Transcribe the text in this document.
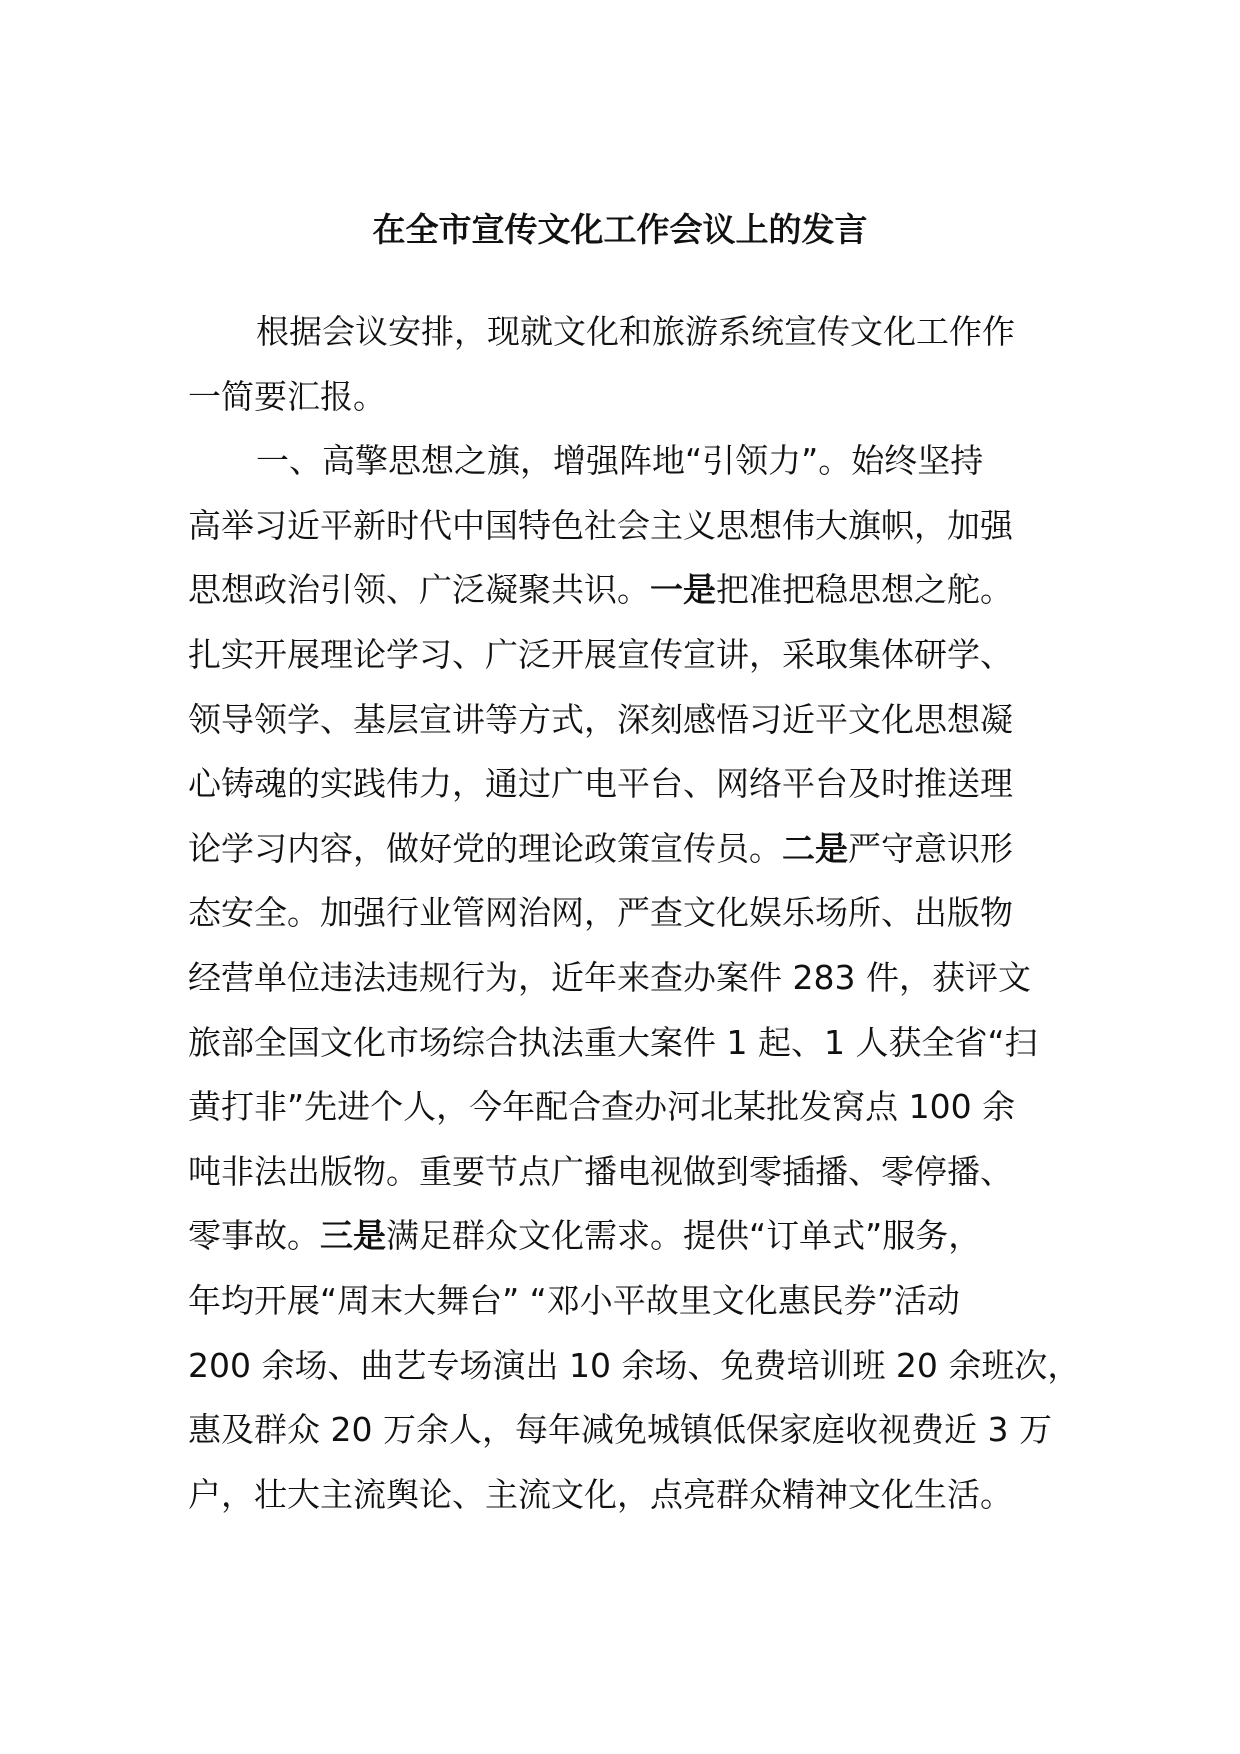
在全市宣传文化工作会议上的发言

根据会议安排，现就文化和旅游系统宣传文化工作作
一简要汇报。

一、高擎思想之旗，增强阵地“引领力”。始终坚持
高举习近平新时代中国特色社会主义思想伟大旗帜，加强
思想政治引领、广泛凝聚共识。一是把准把稳思想之舵。
扎实开展理论学习、广泛开展宣传宣讲，采取集体研学、
领导领学、基层宣讲等方式，深刻感悟习近平文化思想凝
心铸魂的实践伟力，通过广电平台、网络平台及时推送理
论学习内容，做好党的理论政策宣传员。二是严守意识形
态安全。加强行业管网治网，严查文化娱乐场所、出版物
经营单位违法违规行为，近年来查办案件 283 件，获评文
旅部全国文化市场综合执法重大案件 1 起、1 人获全省“扫
黄打非”先进个人，今年配合查办河北某批发窝点 100 余
吨非法出版物。重要节点广播电视做到零插播、零停播、
零事故。三是满足群众文化需求。提供“订单式”服务，
年均开展“周末大舞台” “邓小平故里文化惠民券”活动
200 余场、曲艺专场演出 10 余场、免费培训班 20 余班次，
惠及群众 20 万余人，每年减免城镇低保家庭收视费近 3 万
户，壮大主流舆论、主流文化，点亮群众精神文化生活。
